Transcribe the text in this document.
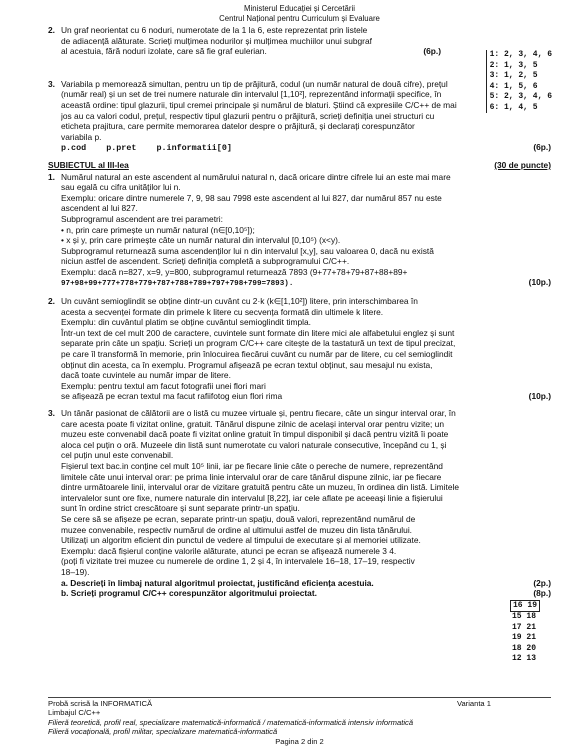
Ministerul Educației și Cercetării
Centrul Național pentru Curriculum și Evaluare
2. Un graf neorientat cu 6 noduri, numerotate de la 1 la 6, este reprezentat prin listele
de adiacență alăturate. Scrieți mulțimea nodurilor și mulțimea muchiilor unui subgraf
al acestuia, fără noduri izolate, care să fie graf eulerian.	(6p.)	1: 2, 3, 4, 6
2: 1, 3, 5
3: 1, 2, 5
4: 1, 5, 6
5: 2, 3, 4, 6
6: 1, 4, 5
3. Variabila p memorează simultan, pentru un tip de prăjitură, codul (un număr natural de două cifre), prețul
(număr real) și un set de trei numere naturale din intervalul [1,10²], reprezentând informații specifice, în
această ordine: tipul glazurii, tipul cremei principale și numărul de blaturi. Știind că expresiile C/C++ de mai
jos au ca valori codul, prețul, respectiv tipul glazurii pentru o prăjitură, scrieți definiția unei structuri cu
eticheta prajitura, care permite memorarea datelor despre o prăjitură, și declarați corespunzător
variabila p.
p.cod    p.pret    p.informatii[0]	(6p.)
SUBIECTUL al III-lea	(30 de puncte)
1. Numărul natural an este ascendent al numărului natural n, dacă oricare dintre cifrele lui an este mai mare
sau egală cu cifra unităților lui n.
Exemplu: oricare dintre numerele 7, 9, 98 sau 7998 este ascendent al lui 827, dar numărul 857 nu este
ascendent al lui 827.
Subprogramul ascendent are trei parametri:
• n, prin care primește un număr natural (n∈[0,10⁵]);
• x și y, prin care primește câte un număr natural din intervalul [0,10⁵) (x<y).
Subprogramul returnează suma ascendenților lui n din intervalul [x,y], sau valoarea 0, dacă nu există
niciun astfel de ascendent. Scrieți definiția completă a subprogramului C/C++.
Exemplu: dacă n=827, x=9, y=800, subprogramul returnează 7893 (9+77+78+79+87+88+89+
97+98+99+777+778+779+787+788+789+797+798+799=7893).	(10p.)
2. Un cuvânt semioglindit se obține dintr-un cuvânt cu 2·k (k∈[1,10²]) litere, prin interschimbarea în
acesta a secvenței formate din primele k litere cu secvența formată din ultimele k litere.
Exemplu: din cuvântul platim se obține cuvântul semioglindit timpla.
Într-un text de cel mult 200 de caractere, cuvintele sunt formate din litere mici ale alfabetului englez și sunt
separate prin câte un spațiu. Scrieți un program C/C++ care citește de la tastatură un text de tipul precizat,
pe care îl transformă în memorie, prin înlocuirea fiecărui cuvânt cu număr par de litere, cu cel semioglindit
obținut din acesta, ca în exemplu. Programul afișează pe ecran textul obținut, sau mesajul nu exista,
dacă toate cuvintele au număr impar de litere.
Exemplu: pentru textul am facut fotografii unei flori mari
se afișează pe ecran textul ma facut rafiifotog eiun flori rima	(10p.)
3. Un tânăr pasionat de călătorii are o listă cu muzee virtuale și, pentru fiecare, câte un singur interval orar, în
care acesta poate fi vizitat online, gratuit. Tânărul dispune zilnic de același interval orar pentru vizite; un
muzeu este convenabil dacă poate fi vizitat online gratuit în timpul disponibil și dacă pentru vizită îi poate
aloca cel puțin o oră. Muzeele din listă sunt numerotate cu valori naturale consecutive, începând cu 1, și
cel puțin unul este convenabil.
Fișierul text bac.in conține cel mult 10⁵ linii, iar pe fiecare linie câte o pereche de numere, reprezentând
limitele câte unui interval orar: pe prima linie intervalul orar de care tânărul dispune zilnic, iar pe fiecare
dintre următoarele linii, intervalul orar de vizitare gratuită pentru câte un muzeu, în ordinea din listă. Limitele
intervalelor sunt ore fixe, numere naturale din intervalul [8,22], iar cele aflate pe aceeași linie a fișierului
sunt în ordine strict crescătoare și sunt separate printr-un spațiu.
Se cere să se afișeze pe ecran, separate printr-un spațiu, două valori, reprezentând numărul de
muzee convenabile, respectiv numărul de ordine al ultimului astfel de muzeu din lista tânărului.
Utilizați un algoritm eficient din punctul de vedere al timpului de executare și al memoriei utilizate.
Exemplu: dacă fișierul conține valorile alăturate, atunci pe ecran se afișează numerele 3 4.
(poți fi vizitate trei muzee cu numerele de ordine 1, 2 și 4, în intervalele 16–18, 17–19, respectiv
18–19).
a. Descrieți în limbaj natural algoritmul proiectat, justificând eficiența acestuia.	(2p.)
b. Scrieți programul C/C++ corespunzător algoritmului proiectat.	(8p.)
16 19
15 18
17 21
19 21
18 20
12 13
Probă scrisă la INFORMATICĂ	Varianta 1
Limbajul C/C++
Filieră teoretică, profil real, specializare matematică-informatică / matematică-informatică intensiv informatică
Filieră vocațională, profil militar, specializare matematică-informatică
Pagina 2 din 2
